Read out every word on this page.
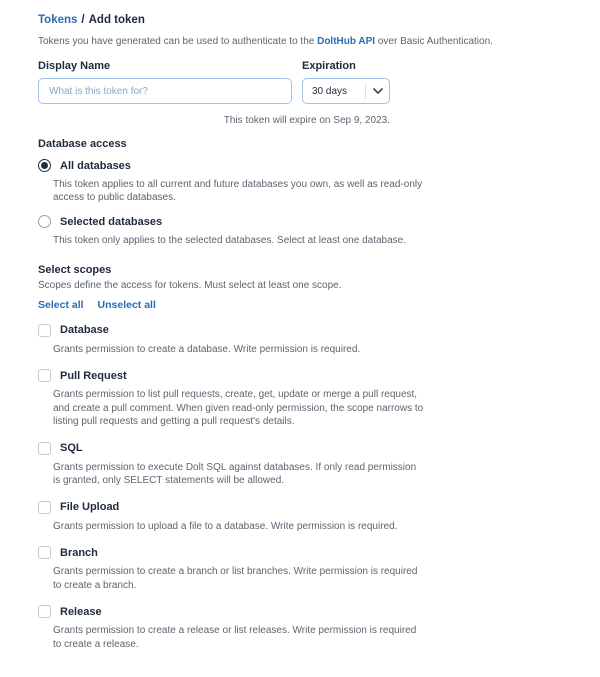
Tokens / Add token
Tokens you have generated can be used to authenticate to the DoltHub API over Basic Authentication.
Display Name
What is this token for?	Expiration
30 days
This token will expire on Sep 9, 2023.
Database access
All databases
This token applies to all current and future databases you own, as well as read-only access to public databases.
Selected databases
This token only applies to the selected databases. Select at least one database.
Select scopes
Scopes define the access for tokens. Must select at least one scope.
Select all Unselect all
Database
Grants permission to create a database. Write permission is required.
Pull Request
Grants permission to list pull requests, create, get, update or merge a pull request, and create a pull comment. When given read-only permission, the scope narrows to listing pull requests and getting a pull request's details.
SQL
Grants permission to execute Dolt SQL against databases. If only read permission is granted, only SELECT statements will be allowed.
File Upload
Grants permission to upload a file to a database. Write permission is required.
Branch
Grants permission to create a branch or list branches. Write permission is required to create a branch.
Release
Grants permission to create a release or list releases. Write permission is required to create a release.
